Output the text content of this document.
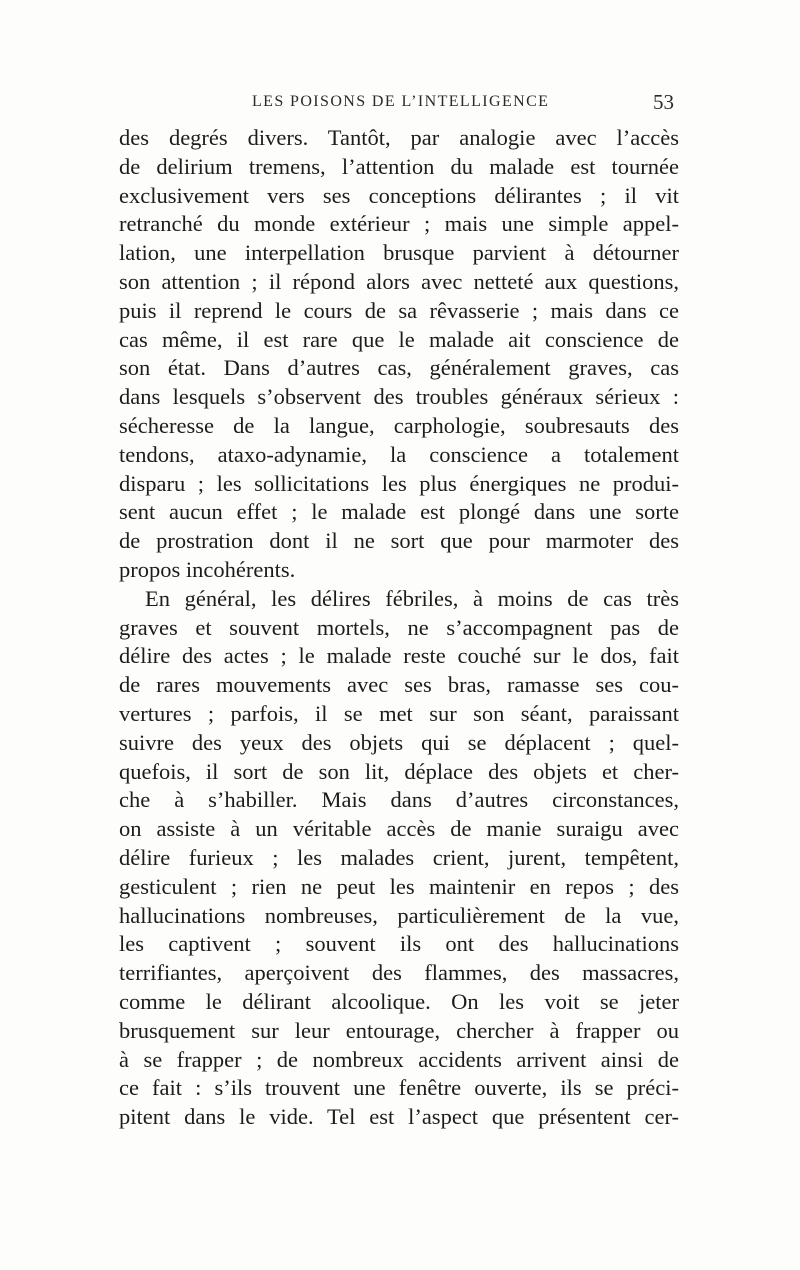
LES POISONS DE L’INTELLIGENCE	53
des degrés divers. Tantôt, par analogie avec l’accès
de delirium tremens, l’attention du malade est tournée
exclusivement vers ses conceptions délirantes ; il vit
retranché du monde extérieur ; mais une simple appel-
lation, une interpellation brusque parvient à détourner
son attention ; il répond alors avec netteté aux questions,
puis il reprend le cours de sa rêvasserie ; mais dans ce
cas même, il est rare que le malade ait conscience de
son état. Dans d’autres cas, généralement graves, cas
dans lesquels s’observent des troubles généraux sérieux :
sécheresse de la langue, carphologie, soubresauts des
tendons, ataxo-adynamie, la conscience a totalement
disparu ; les sollicitations les plus énergiques ne produi-
sent aucun effet ; le malade est plongé dans une sorte
de prostration dont il ne sort que pour marmoter des
propos incohérents.
En général, les délires fébriles, à moins de cas très
graves et souvent mortels, ne s’accompagnent pas de
délire des actes ; le malade reste couché sur le dos, fait
de rares mouvements avec ses bras, ramasse ses cou-
vertures ; parfois, il se met sur son séant, paraissant
suivre des yeux des objets qui se déplacent ; quel-
quefois, il sort de son lit, déplace des objets et cher-
che à s’habiller. Mais dans d’autres circonstances,
on assiste à un véritable accès de manie suraigu avec
délire furieux ; les malades crient, jurent, tempêtent,
gesticulent ; rien ne peut les maintenir en repos ; des
hallucinations nombreuses, particulièrement de la vue,
les captivent ; souvent ils ont des hallucinations
terrifiantes, aperçoivent des flammes, des massacres,
comme le délirant alcoolique. On les voit se jeter
brusquement sur leur entourage, chercher à frapper ou
à se frapper ; de nombreux accidents arrivent ainsi de
ce fait : s’ils trouvent une fenêtre ouverte, ils se préci-
pitent dans le vide. Tel est l’aspect que présentent cer-
